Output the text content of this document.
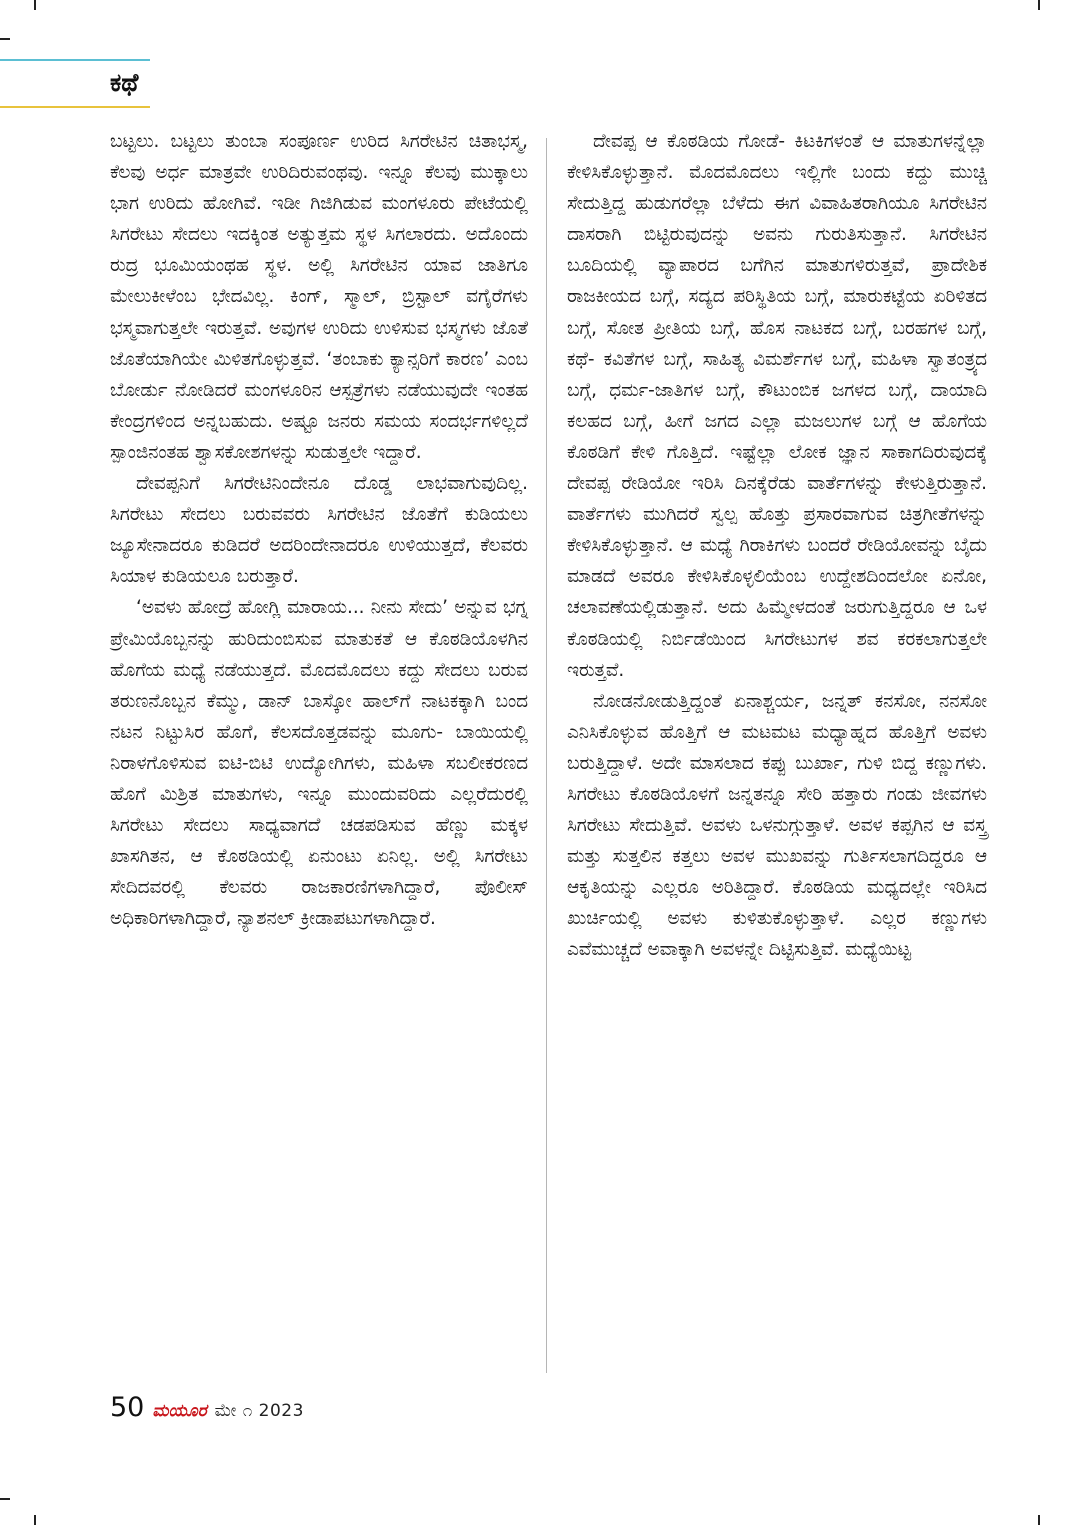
ಕಥೆ

ಬಟ್ಟಲು. ಬಟ್ಟಲು ತುಂಬಾ ಸಂಪೂರ್ಣ ಉರಿದ ಸಿಗರೇಟಿನ ಚಿತಾಭಸ್ಮ, ಕೆಲವು ಅರ್ಧ ಮಾತ್ರವೇ ಉರಿದಿರುವಂಥವು. ಇನ್ನೂ ಕೆಲವು ಮುಕ್ಕಾಲು ಭಾಗ ಉರಿದು ಹೋಗಿವೆ. ಇಡೀ ಗಿಜಿಗಿಡುವ ಮಂಗಳೂರು ಪೇಟೆಯಲ್ಲಿ ಸಿಗರೇಟು ಸೇದಲು ಇದಕ್ಕಿಂತ ಅತ್ಯುತ್ತಮ ಸ್ಥಳ ಸಿಗಲಾರದು. ಅದೊಂದು ರುದ್ರ ಭೂಮಿಯಂಥಹ ಸ್ಥಳ. ಅಲ್ಲಿ ಸಿಗರೇಟಿನ ಯಾವ ಜಾತಿಗೂ ಮೇಲುಕೀಳೆಂಬ ಭೇದವಿಲ್ಲ. ಕಿಂಗ್, ಸ್ಮಾಲ್, ಬ್ರಿಸ್ಟಾಲ್ ವಗೈರೆಗಳು ಭಸ್ಮವಾಗುತ್ತಲೇ ಇರುತ್ತವೆ. ಅವುಗಳ ಉರಿದು ಉಳಿಸುವ ಭಸ್ಮಗಳು ಜೊತೆ ಜೊತೆಯಾಗಿಯೇ ಮಿಳಿತಗೊಳ್ಳುತ್ತವೆ. ‘ತಂಬಾಕು ಕ್ಯಾನ್ಸರಿಗೆ ಕಾರಣ’ ಎಂಬ ಬೋರ್ಡು ನೋಡಿದರೆ ಮಂಗಳೂರಿನ ಆಸ್ಪತ್ರೆಗಳು ನಡೆಯುವುದೇ ಇಂತಹ ಕೇಂದ್ರಗಳಿಂದ ಅನ್ನಬಹುದು. ಅಷ್ಟೂ ಜನರು ಸಮಯ ಸಂದರ್ಭಗಳಿಲ್ಲದೆ ಸ್ಪಾಂಜಿನಂತಹ ಶ್ವಾಸಕೋಶಗಳನ್ನು ಸುಡುತ್ತಲೇ ಇದ್ದಾರೆ.

ದೇವಪ್ಪನಿಗೆ ಸಿಗರೇಟಿನಿಂದೇನೂ ದೊಡ್ಡ ಲಾಭವಾಗುವುದಿಲ್ಲ. ಸಿಗರೇಟು ಸೇದಲು ಬರುವವರು ಸಿಗರೇಟಿನ ಜೊತೆಗೆ ಕುಡಿಯಲು ಜ್ಯೂಸೇನಾದರೂ ಕುಡಿದರೆ ಅದರಿಂದೇನಾದರೂ ಉಳಿಯುತ್ತದೆ, ಕೆಲವರು ಸಿಯಾಳ ಕುಡಿಯಲೂ ಬರುತ್ತಾರೆ.

‘ಅವಳು ಹೋದ್ರೆ ಹೋಗ್ಲಿ ಮಾರಾಯ... ನೀನು ಸೇದು’ ಅನ್ನುವ ಭಗ್ನ ಪ್ರೇಮಿಯೊಬ್ಬನನ್ನು ಹುರಿದುಂಬಿಸುವ ಮಾತುಕತೆ ಆ ಕೊಠಡಿಯೊಳಗಿನ ಹೊಗೆಯ ಮಧ್ಯೆ ನಡೆಯುತ್ತದೆ. ಮೊದಮೊದಲು ಕದ್ದು ಸೇದಲು ಬರುವ ತರುಣನೊಬ್ಬನ ಕೆಮ್ಮು, ಡಾನ್ ಬಾಸ್ಕೋ ಹಾಲ್‌ಗೆ ನಾಟಕಕ್ಕಾಗಿ ಬಂದ ನಟನ ನಿಟ್ಟುಸಿರ ಹೊಗೆ, ಕೆಲಸದೊತ್ತಡವನ್ನು ಮೂಗು- ಬಾಯಿಯಲ್ಲಿ ನಿರಾಳಗೊಳಿಸುವ ಐಟಿ-ಬಿಟಿ ಉದ್ಯೋಗಿಗಳು, ಮಹಿಳಾ ಸಬಲೀಕರಣದ ಹೊಗೆ ಮಿಶ್ರಿತ ಮಾತುಗಳು, ಇನ್ನೂ ಮುಂದುವರಿದು ಎಲ್ಲರೆದುರಲ್ಲಿ ಸಿಗರೇಟು ಸೇದಲು ಸಾಧ್ಯವಾಗದೆ ಚಡಪಡಿಸುವ ಹೆಣ್ಣು ಮಕ್ಕಳ ಖಾಸಗಿತನ, ಆ ಕೊಠಡಿಯಲ್ಲಿ ಏನುಂಟು ಏನಿಲ್ಲ. ಅಲ್ಲಿ ಸಿಗರೇಟು ಸೇದಿದವರಲ್ಲಿ ಕೆಲವರು ರಾಜಕಾರಣಿಗಳಾಗಿದ್ದಾರೆ, ಪೊಲೀಸ್ ಅಧಿಕಾರಿಗಳಾಗಿದ್ದಾರೆ, ನ್ಯಾಶನಲ್ ಕ್ರೀಡಾಪಟುಗಳಾಗಿದ್ದಾರೆ.

ದೇವಪ್ಪ ಆ ಕೊಠಡಿಯ ಗೋಡೆ- ಕಿಟಕಿಗಳಂತೆ ಆ ಮಾತುಗಳನ್ನೆಲ್ಲಾ ಕೇಳಿಸಿಕೊಳ್ಳುತ್ತಾನೆ. ಮೊದಮೊದಲು ಇಲ್ಲಿಗೇ ಬಂದು ಕದ್ದು ಮುಚ್ಚಿ ಸೇದುತ್ತಿದ್ದ ಹುಡುಗರೆಲ್ಲಾ ಬೆಳೆದು ಈಗ ವಿವಾಹಿತರಾಗಿಯೂ ಸಿಗರೇಟಿನ ದಾಸರಾಗಿ ಬಿಟ್ಟಿರುವುದನ್ನು ಅವನು ಗುರುತಿಸುತ್ತಾನೆ. ಸಿಗರೇಟಿನ ಬೂದಿಯಲ್ಲಿ ವ್ಯಾಪಾರದ ಬಗೆಗಿನ ಮಾತುಗಳಿರುತ್ತವೆ, ಪ್ರಾದೇಶಿಕ ರಾಜಕೀಯದ ಬಗ್ಗೆ, ಸದ್ಯದ ಪರಿಸ್ಥಿತಿಯ ಬಗ್ಗೆ, ಮಾರುಕಟ್ಟೆಯ ಏರಿಳಿತದ ಬಗ್ಗೆ, ಸೋತ ಪ್ರೀತಿಯ ಬಗ್ಗೆ, ಹೊಸ ನಾಟಕದ ಬಗ್ಗೆ, ಬರಹಗಳ ಬಗ್ಗೆ, ಕಥೆ- ಕವಿತೆಗಳ ಬಗ್ಗೆ, ಸಾಹಿತ್ಯ ವಿಮರ್ಶೆಗಳ ಬಗ್ಗೆ, ಮಹಿಳಾ ಸ್ವಾತಂತ್ರ್ಯದ ಬಗ್ಗೆ, ಧರ್ಮ-ಜಾತಿಗಳ ಬಗ್ಗೆ, ಕೌಟುಂಬಿಕ ಜಗಳದ ಬಗ್ಗೆ, ದಾಯಾದಿ ಕಲಹದ ಬಗ್ಗೆ, ಹೀಗೆ ಜಗದ ಎಲ್ಲಾ ಮಜಲುಗಳ ಬಗ್ಗೆ ಆ ಹೊಗೆಯ ಕೊಠಡಿಗೆ ಕೇಳಿ ಗೊತ್ತಿದೆ. ಇಷ್ಟೆಲ್ಲಾ ಲೋಕ ಜ್ಞಾನ ಸಾಕಾಗದಿರುವುದಕ್ಕೆ ದೇವಪ್ಪ ರೇಡಿಯೋ ಇರಿಸಿ ದಿನಕ್ಕೆರೆಡು ವಾರ್ತೆಗಳನ್ನು ಕೇಳುತ್ತಿರುತ್ತಾನೆ. ವಾರ್ತೆಗಳು ಮುಗಿದರೆ ಸ್ವಲ್ಪ ಹೊತ್ತು ಪ್ರಸಾರವಾಗುವ ಚಿತ್ರಗೀತೆಗಳನ್ನು ಕೇಳಿಸಿಕೊಳ್ಳುತ್ತಾನೆ. ಆ ಮಧ್ಯೆ ಗಿರಾಕಿಗಳು ಬಂದರೆ ರೇಡಿಯೋವನ್ನು ಬೈದು ಮಾಡದೆ ಅವರೂ ಕೇಳಿಸಿಕೊಳ್ಳಲಿಯೆಂಬ ಉದ್ದೇಶದಿಂದಲೋ ಏನೋ, ಚಲಾವಣೆಯಲ್ಲಿಡುತ್ತಾನೆ. ಅದು ಹಿಮ್ಮೇಳದಂತೆ ಜರುಗುತ್ತಿದ್ದರೂ ಆ ಒಳ ಕೊಠಡಿಯಲ್ಲಿ ನಿರ್ಬಿಡೆಯಿಂದ ಸಿಗರೇಟುಗಳ ಶವ ಕರಕಲಾಗುತ್ತಲೇ ಇರುತ್ತವೆ.

ನೋಡನೋಡುತ್ತಿದ್ದಂತೆ ಏನಾಶ್ಚರ್ಯ, ಜನ್ನತ್ ಕನಸೋ, ನನಸೋ ಎನಿಸಿಕೊಳ್ಳುವ ಹೊತ್ತಿಗೆ ಆ ಮಟಮಟ ಮಧ್ಯಾಹ್ನದ ಹೊತ್ತಿಗೆ ಅವಳು ಬರುತ್ತಿದ್ದಾಳೆ. ಅದೇ ಮಾಸಲಾದ ಕಪ್ಪು ಬುರ್ಖಾ, ಗುಳಿ ಬಿದ್ದ ಕಣ್ಣುಗಳು. ಸಿಗರೇಟು ಕೊಠಡಿಯೊಳಗೆ ಜನ್ನತನ್ನೂ ಸೇರಿ ಹತ್ತಾರು ಗಂಡು ಜೀವಗಳು ಸಿಗರೇಟು ಸೇದುತ್ತಿವೆ. ಅವಳು ಒಳನುಗ್ಗುತ್ತಾಳೆ. ಅವಳ ಕಪ್ಪಗಿನ ಆ ವಸ್ತ್ರ ಮತ್ತು ಸುತ್ತಲಿನ ಕತ್ತಲು ಅವಳ ಮುಖವನ್ನು ಗುರ್ತಿಸಲಾಗದಿದ್ದರೂ ಆ ಆಕೃತಿಯನ್ನು ಎಲ್ಲರೂ ಅರಿತಿದ್ದಾರೆ. ಕೊಠಡಿಯ ಮಧ್ಯದಲ್ಲೇ ಇರಿಸಿದ ಖುರ್ಚಿಯಲ್ಲಿ ಅವಳು ಕುಳಿತುಕೊಳ್ಳುತ್ತಾಳೆ. ಎಲ್ಲರ ಕಣ್ಣುಗಳು ಎವೆಮುಚ್ಚದೆ ಅವಾಕ್ಕಾಗಿ ಅವಳನ್ನೇ ದಿಟ್ಟಿಸುತ್ತಿವೆ. ಮಧ್ಯೆಯಿಟ್ಟ

50 ಮಯೂರ ಮೇ ೧ 2023
